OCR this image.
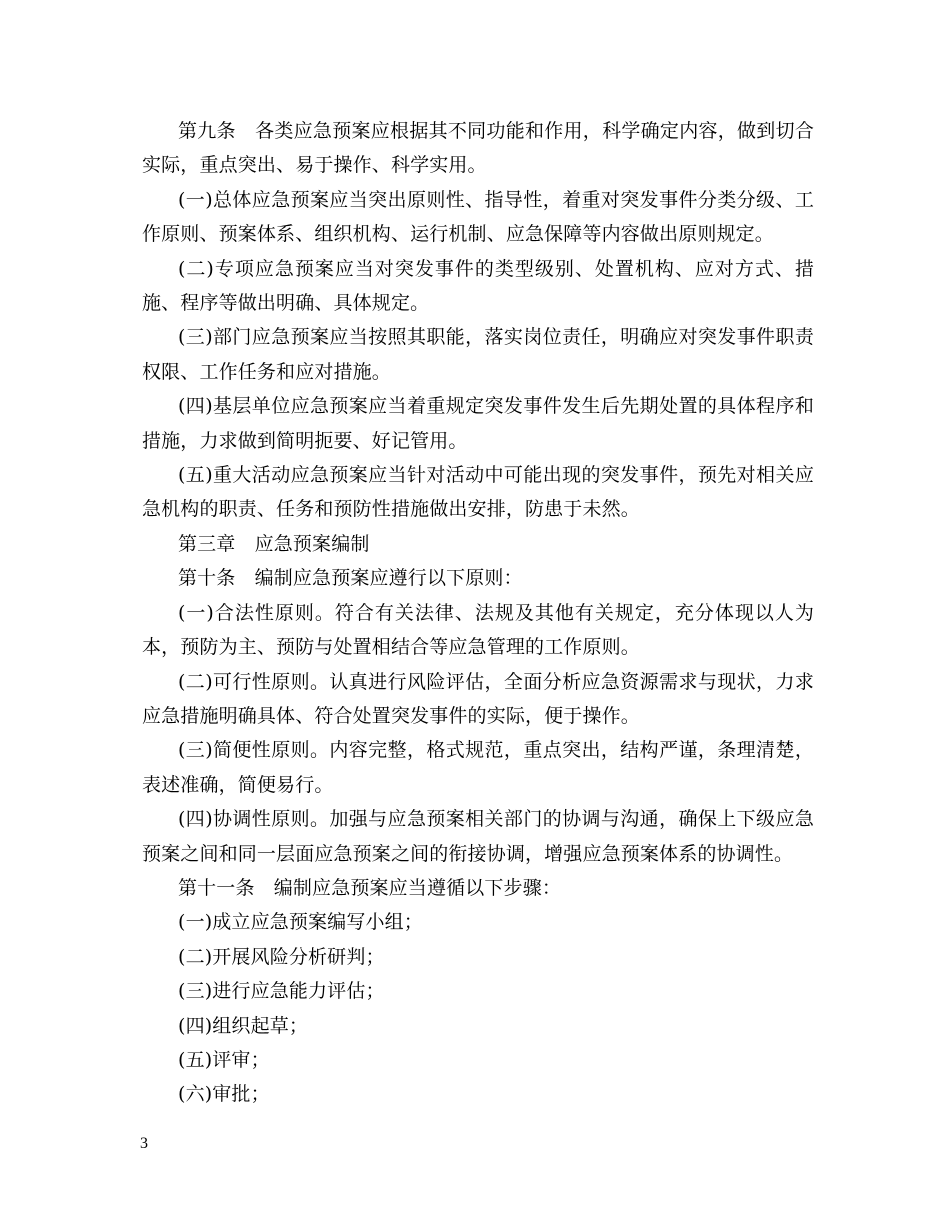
第九条　各类应急预案应根据其不同功能和作用，科学确定内容，做到切合实际，重点突出、易于操作、科学实用。

(一)总体应急预案应当突出原则性、指导性，着重对突发事件分类分级、工作原则、预案体系、组织机构、运行机制、应急保障等内容做出原则规定。

(二)专项应急预案应当对突发事件的类型级别、处置机构、应对方式、措施、程序等做出明确、具体规定。

(三)部门应急预案应当按照其职能，落实岗位责任，明确应对突发事件职责权限、工作任务和应对措施。

(四)基层单位应急预案应当着重规定突发事件发生后先期处置的具体程序和措施，力求做到简明扼要、好记管用。

(五)重大活动应急预案应当针对活动中可能出现的突发事件，预先对相关应急机构的职责、任务和预防性措施做出安排，防患于未然。

第三章　应急预案编制

第十条　编制应急预案应遵行以下原则：

(一)合法性原则。符合有关法律、法规及其他有关规定，充分体现以人为本，预防为主、预防与处置相结合等应急管理的工作原则。

(二)可行性原则。认真进行风险评估，全面分析应急资源需求与现状，力求应急措施明确具体、符合处置突发事件的实际，便于操作。

(三)简便性原则。内容完整，格式规范，重点突出，结构严谨，条理清楚，表述准确，简便易行。

(四)协调性原则。加强与应急预案相关部门的协调与沟通，确保上下级应急预案之间和同一层面应急预案之间的衔接协调，增强应急预案体系的协调性。

第十一条　编制应急预案应当遵循以下步骤：

(一)成立应急预案编写小组；

(二)开展风险分析研判；

(三)进行应急能力评估；

(四)组织起草；

(五)评审；

(六)审批；

3
